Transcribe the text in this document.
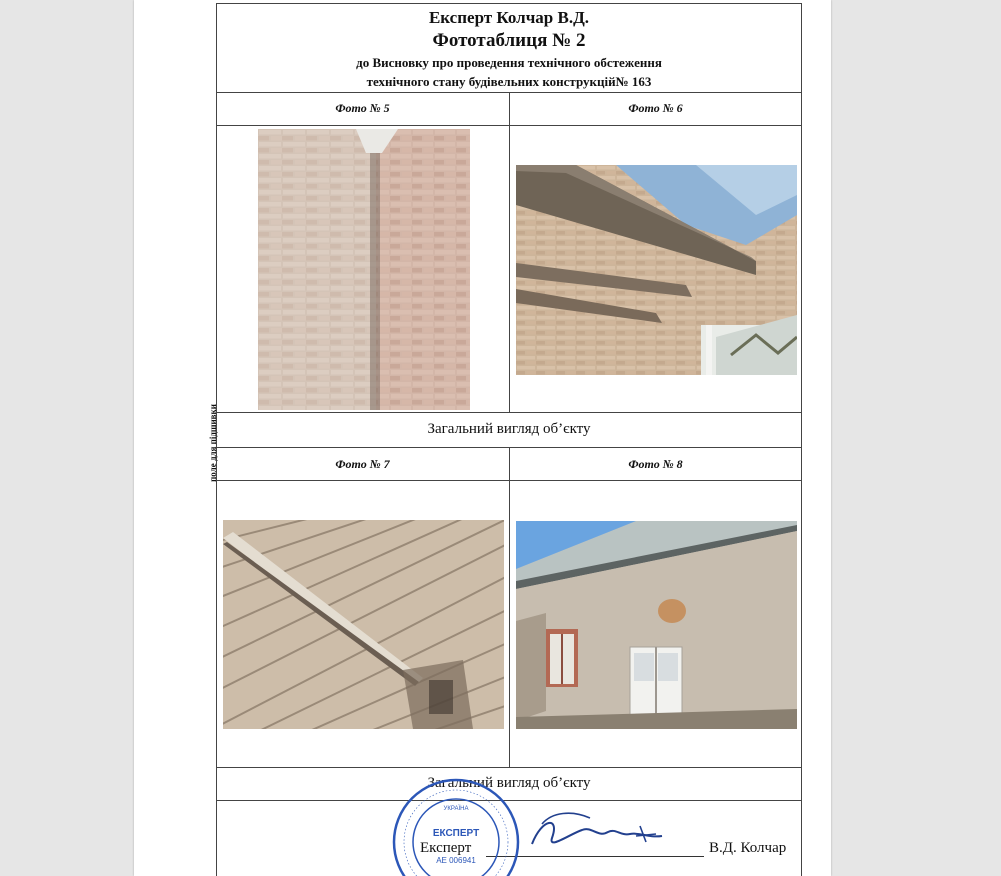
поле для підшивки
Експерт Колчар В.Д.
Фототаблиця № 2
до Висновку про проведення технічного обстеження
технічного стану будівельних конструкцій№ 163
Фото № 5	Фото № 6
Загальний вигляд об’єкту
Фото № 7	Фото № 8
Загальний вигляд об’єкту
Експерт	В.Д. Колчар
УКРАЇНА
ЕКСПЕРТ
АЕ 006941
